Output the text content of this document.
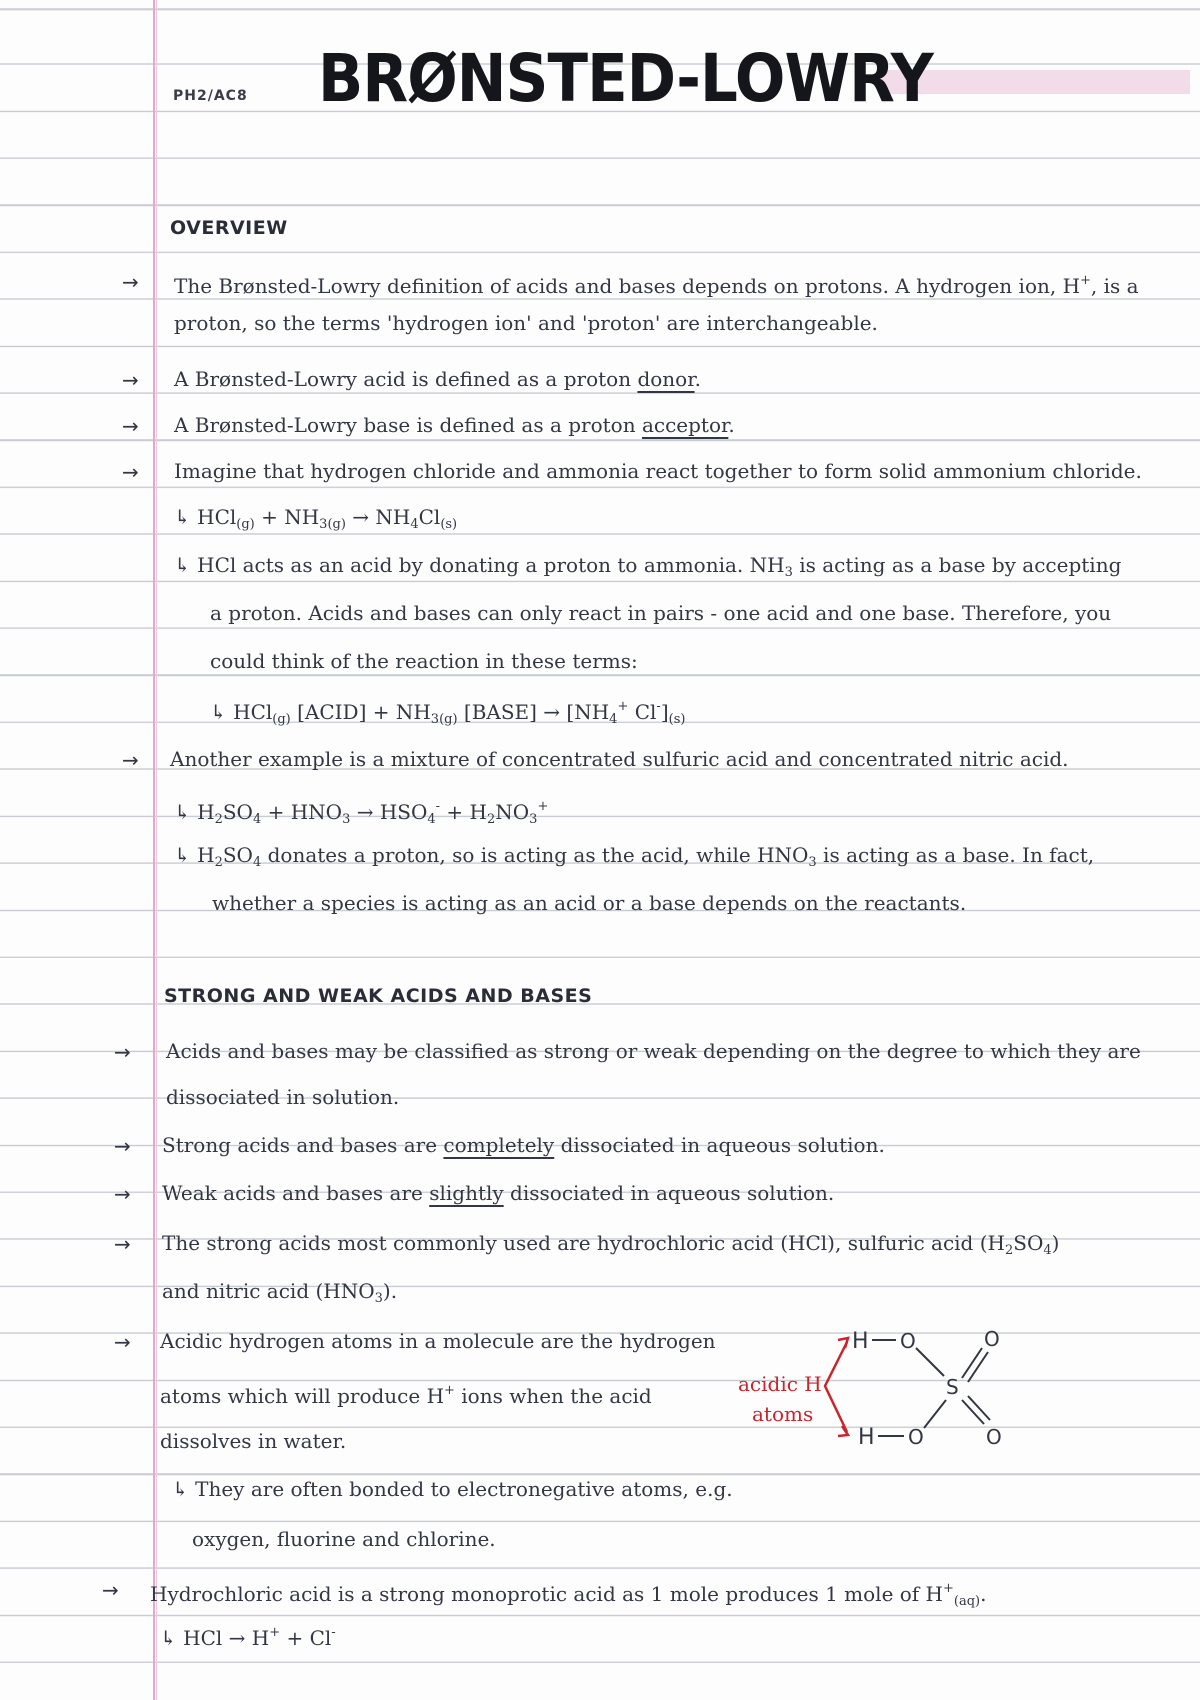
PH2/AC8 BRØNSTED-LOWRY
OVERVIEW
→ The Brønsted-Lowry definition of acids and bases depends on protons. A hydrogen ion, H+, is a
proton, so the terms 'hydrogen ion' and 'proton' are interchangeable.
→ A Brønsted-Lowry acid is defined as a proton donor.
→ A Brønsted-Lowry base is defined as a proton acceptor.
→ Imagine that hydrogen chloride and ammonia react together to form solid ammonium chloride.
↳ $HCl_{(g)} + NH_{3(g)} \to NH_4Cl_{(s)}$
↳ HCl acts as an acid by donating a proton to ammonia. $NH_3$ is acting as a base by accepting
a proton. Acids and bases can only react in pairs - one acid and one base. Therefore, you
could think of the reaction in these terms:
↳ HCl$_{(g)}$ [ACID] + $NH_{3(g)}$ [BASE] → [$NH_4^+$ $Cl^-]_{(s)}$
→ Another example is a mixture of concentrated sulfuric acid and concentrated nitric acid.
↳ $H_2SO_4 + HNO_3 \to HSO_4^- + H_2NO_3^+$
↳ $H_2SO_4$ donates a proton, so is acting as the acid, while $HNO_3$ is acting as a base. In fact,
whether a species is acting as an acid or a base depends on the reactants.
STRONG AND WEAK ACIDS AND BASES
→ Acids and bases may be classified as strong or weak depending on the degree to which they are
dissociated in solution.
→ Strong acids and bases are completely dissociated in aqueous solution.
→ Weak acids and bases are slightly dissociated in aqueous solution.
→ The strong acids most commonly used are hydrochloric acid (HCl), sulfuric acid $(H_2SO_4)$
and nitric acid $(HNO_3)$.
→ Acidic hydrogen atoms in a molecule are the hydrogen
atoms which will produce H+ ions when the acid
dissolves in water.
↳ They are often bonded to electronegative atoms, e.g.
oxygen, fluorine and chlorine.
→ Hydrochloric acid is a strong monoprotic acid as 1 mole produces 1 mole of $H^+_{(aq)}$.
↳ HCl → H+ + Cl-
acidic H
atoms
H O
H O
S
O
O
